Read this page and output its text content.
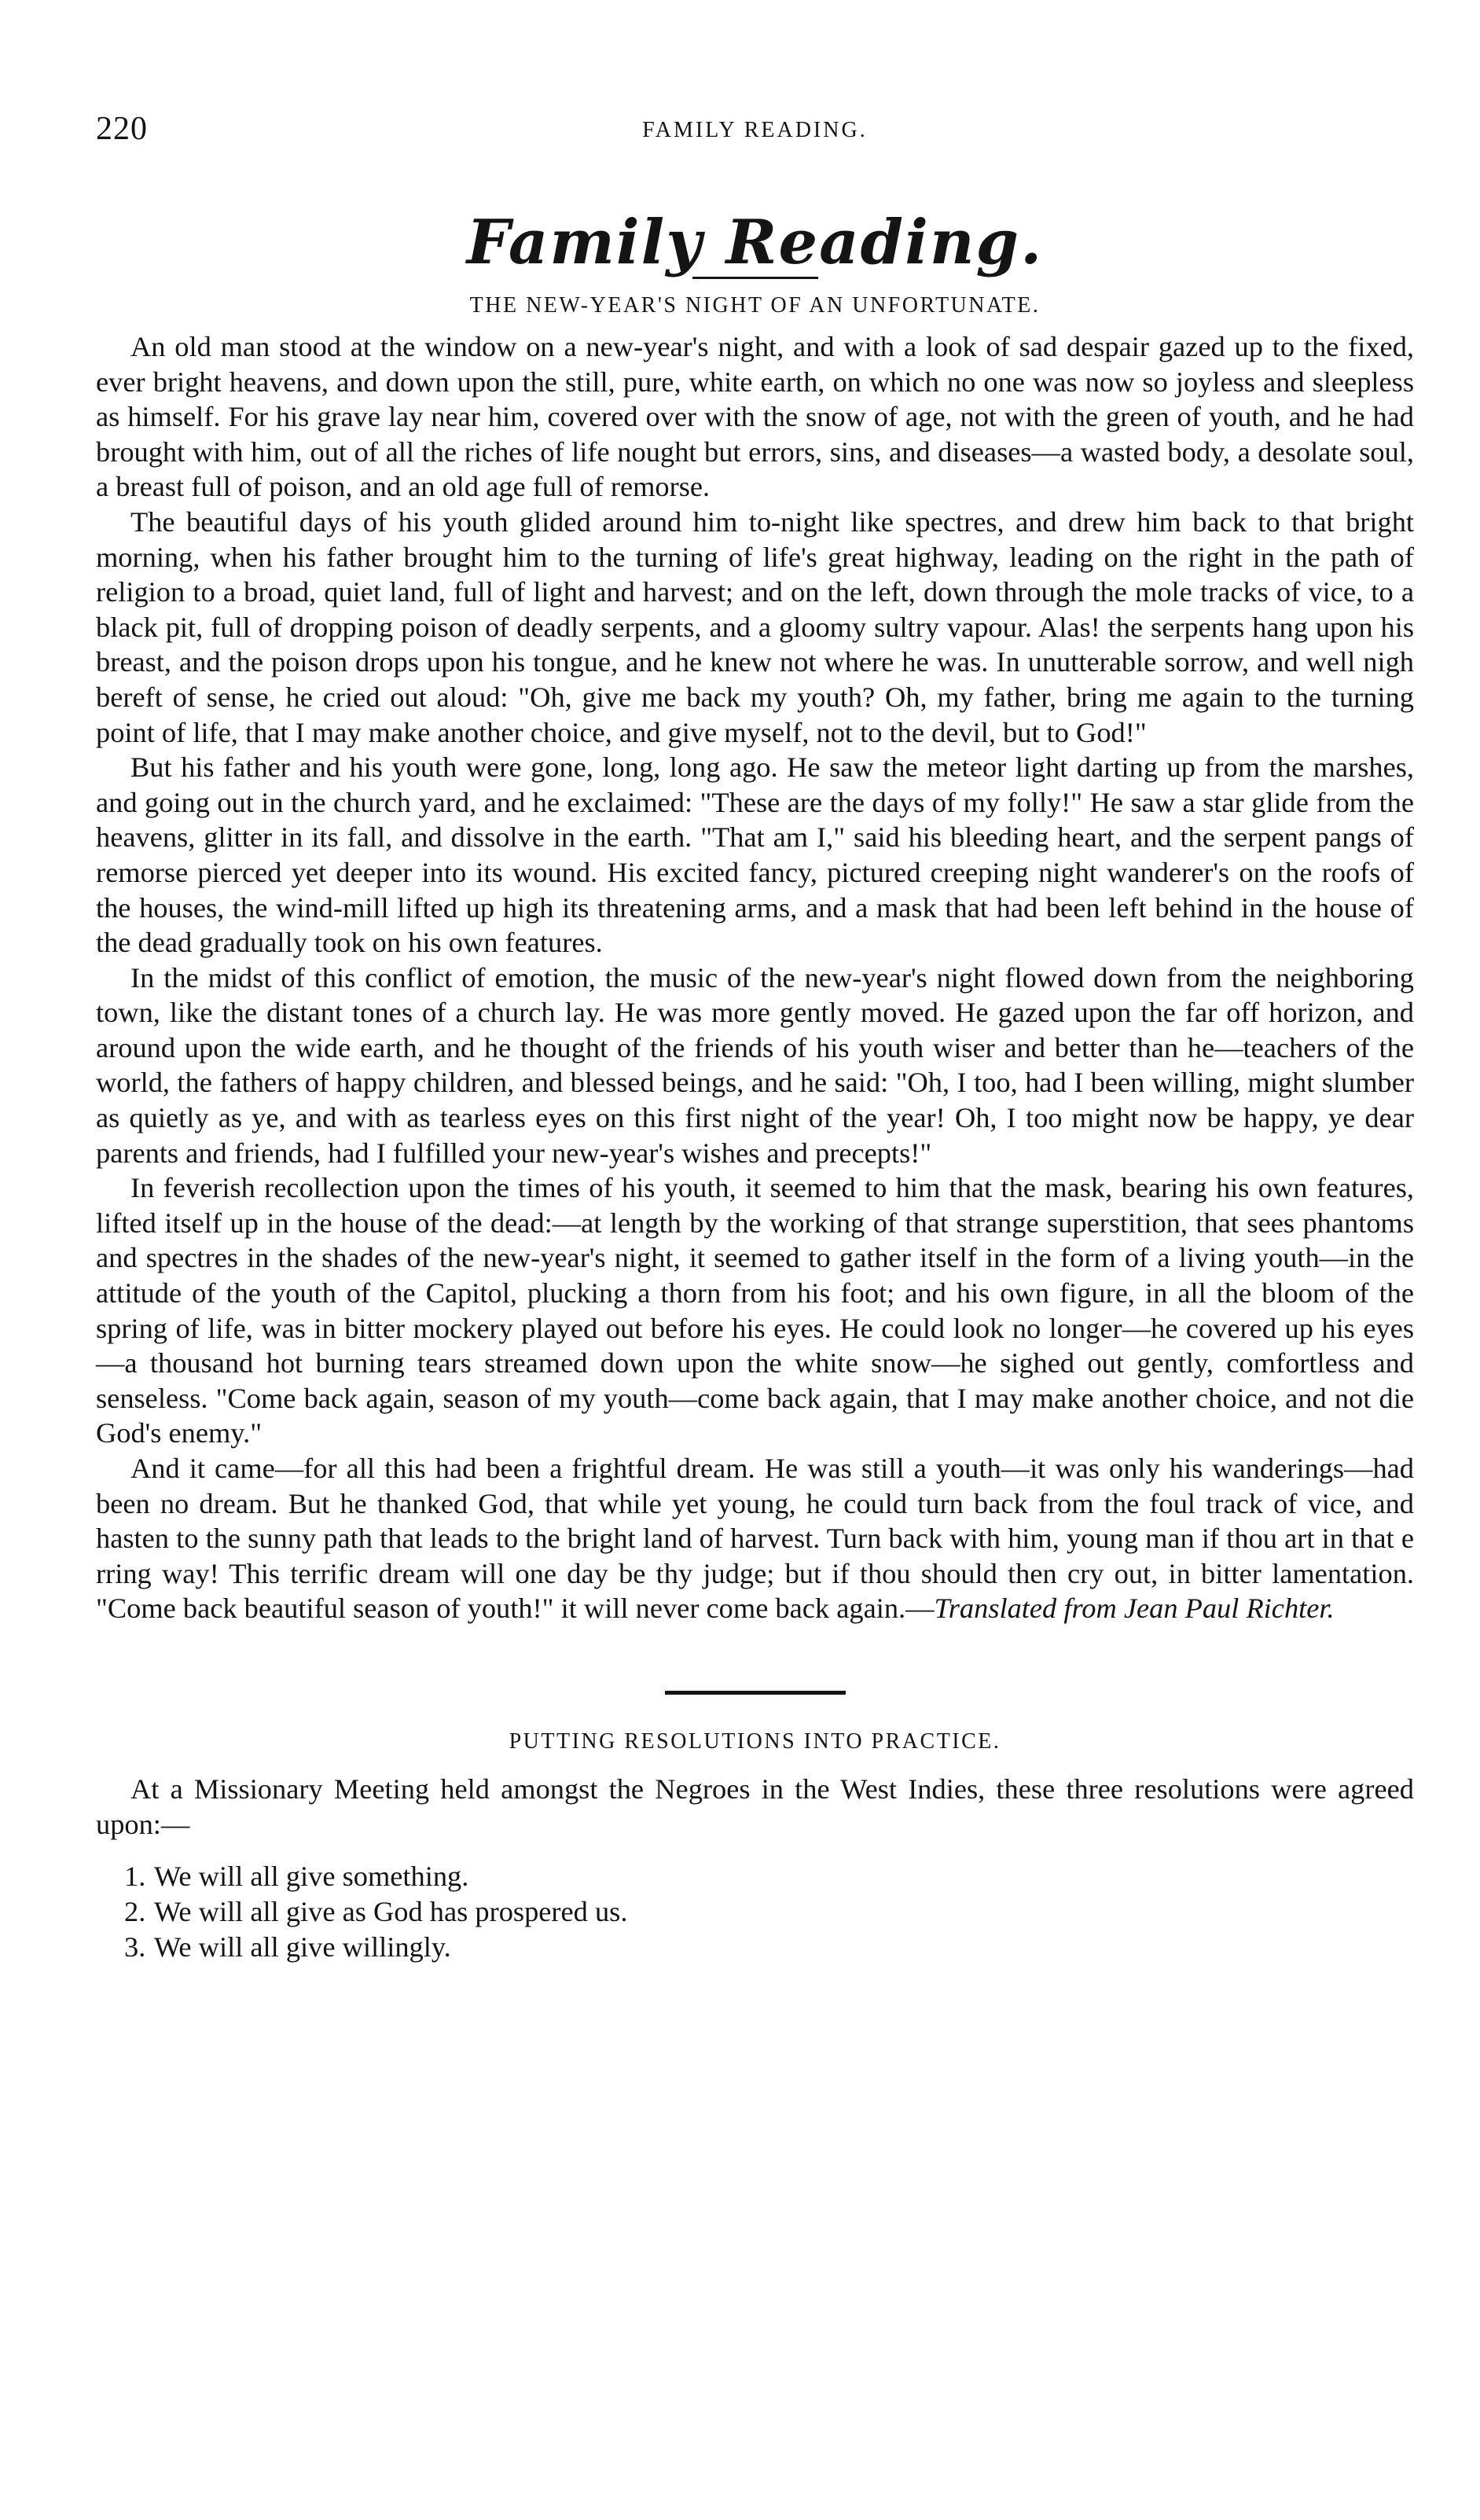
220	FAMILY READING.
Family Reading.
THE NEW-YEAR'S NIGHT OF AN UNFORTUNATE.

An old man stood at the window on a new-year's night, and with a look of sad despair gazed up to the fixed, ever bright heavens, and down upon the still, pure, white earth, on which no one was now so joyless and sleepless as himself. For his grave lay near him, covered over with the snow of age, not with the green of youth, and he had brought with him, out of all the riches of life nought but errors, sins, and diseases—a wasted body, a desolate soul, a breast full of poison, and an old age full of remorse.

The beautiful days of his youth glided around him to-night like spectres, and drew him back to that bright morning, when his father brought him to the turning of life's great highway, leading on the right in the path of religion to a broad, quiet land, full of light and harvest; and on the left, down through the mole tracks of vice, to a black pit, full of dropping poison of deadly serpents, and a gloomy sultry vapour. Alas! the serpents hang upon his breast, and the poison drops upon his tongue, and he knew not where he was. In unutterable sorrow, and well nigh bereft of sense, he cried out aloud: "Oh, give me back my youth? Oh, my father, bring me again to the turning point of life, that I may make another choice, and give myself, not to the devil, but to God!"

But his father and his youth were gone, long, long ago. He saw the meteor light darting up from the marshes, and going out in the church yard, and he exclaimed: "These are the days of my folly!" He saw a star glide from the heavens, glitter in its fall, and dissolve in the earth. "That am I," said his bleeding heart, and the serpent pangs of remorse pierced yet deeper into its wound. His excited fancy, pictured creeping night wanderer's on the roofs of the houses, the wind-mill lifted up high its threatening arms, and a mask that had been left behind in the house of the dead gradually took on his own features.

In the midst of this conflict of emotion, the music of the new-year's night flowed down from the neighboring town, like the distant tones of a church lay. He was more gently moved. He gazed upon the far off horizon, and around upon the wide earth, and he thought of the friends of his youth wiser and better than he—teachers of the world, the fathers of happy children, and blessed beings, and he said: "Oh, I too, had I been willing, might slumber as quietly as ye, and with as tearless eyes on this first night of the year! Oh, I too might now be happy, ye dear parents and friends, had I fulfilled your new-year's wishes and precepts!"

In feverish recollection upon the times of his youth, it seemed to him that the mask, bearing his own features, lifted itself up in the house of the dead:—at length by the working of that strange superstition, that sees phantoms and spectres in the shades of the new-year's night, it seemed to gather itself in the form of a living youth—in the attitude of the youth of the Capitol, plucking a thorn from his foot; and his own figure, in all the bloom of the spring of life, was in bitter mockery played out before his eyes. He could look no longer—he covered up his eyes—a thousand hot burning tears streamed down upon the white snow—he sighed out gently, comfortless and senseless. "Come back again, season of my youth—come back again, that I may make another choice, and not die God's enemy."

And it came—for all this had been a frightful dream. He was still a youth—it was only his wanderings—had been no dream. But he thanked God, that while yet young, he could turn back from the foul track of vice, and hasten to the sunny path that leads to the bright land of harvest. Turn back with him, young man if thou art in that e rring way! This terrific dream will one day be thy judge; but if thou should then cry out, in bitter lamentation. "Come back beautiful season of youth!" it will never come back again.—Translated from Jean Paul Richter.

PUTTING RESOLUTIONS INTO PRACTICE.

At a Missionary Meeting held amongst the Negroes in the West Indies, these three resolutions were agreed upon:—

1. We will all give something.
2. We will all give as God has prospered us.
3. We will all give willingly.
